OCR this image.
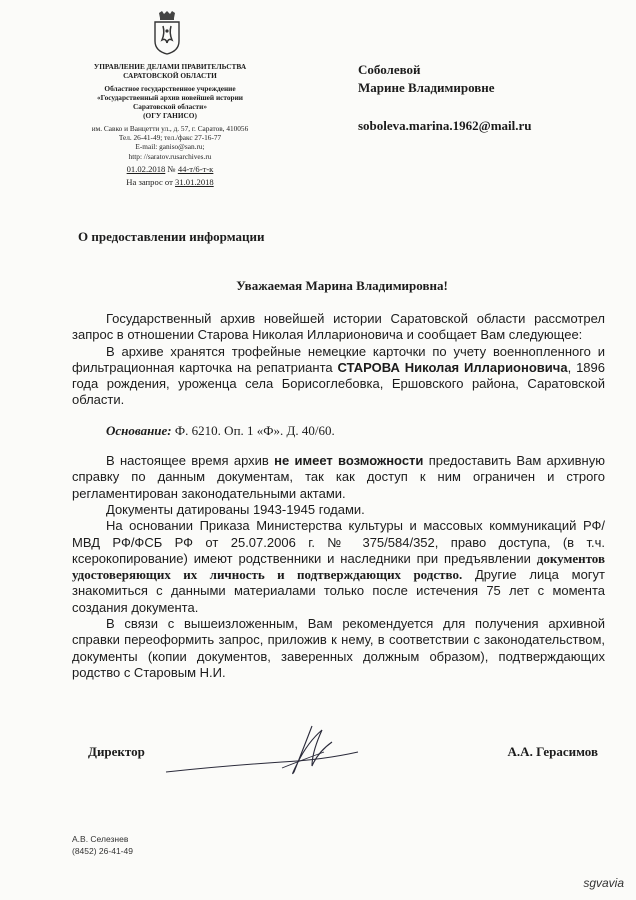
УПРАВЛЕНИЕ ДЕЛАМИ ПРАВИТЕЛЬСТВА
САРАТОВСКОЙ ОБЛАСТИ
Областное государственное учреждение
«Государственный архив новейшей истории
Саратовской области»
(ОГУ ГАНИСО)
им. Савко и Ванцетти ул., д. 57, г. Саратов, 410056
Тел. 26-41-49; тел./факс 27-16-77
E-mail: ganiso@san.ru;
http: //saratov.rusarchives.ru
01.02.2018 № 44-т/6-т-к
На запрос от 31.01.2018
Соболевой
Марине Владимировне
soboleva.marina.1962@mail.ru
О предоставлении информации
Уважаемая Марина Владимировна!

Государственный архив новейшей истории Саратовской области рассмотрел запрос в отношении Старова Николая Илларионовича и сообщает Вам следующее:

В архиве хранятся трофейные немецкие карточки по учету военнопленного и фильтрационная карточка на репатрианта СТАРОВА Николая Илларионовича, 1896 года рождения, уроженца села Борисоглебовка, Ершовского района, Саратовской области.

Основание: Ф. 6210. Оп. 1 «Ф». Д. 40/60.

В настоящее время архив не имеет возможности предоставить Вам архивную справку по данным документам, так как доступ к ним ограничен и строго регламентирован законодательными актами.

Документы датированы 1943-1945 годами.

На основании Приказа Министерства культуры и массовых коммуникаций РФ/МВД РФ/ФСБ РФ от 25.07.2006 г. № 375/584/352, право доступа, (в т.ч. ксерокопирование) имеют родственники и наследники при предъявлении документов удостоверяющих их личность и подтверждающих родство. Другие лица могут знакомиться с данными материалами только после истечения 75 лет с момента создания документа.

В связи с вышеизложенным, Вам рекомендуется для получения архивной справки переоформить запрос, приложив к нему, в соответствии с законодательством, документы (копии документов, заверенных должным образом), подтверждающих родство с Старовым Н.И.

Директор	А.А. Герасимов
А.В. Селезнев
(8452) 26-41-49
sgvavia
